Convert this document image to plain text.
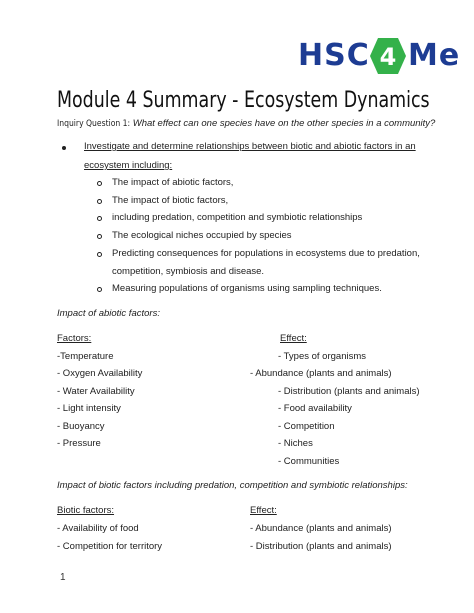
HSC 4 Me
Module 4 Summary - Ecosystem Dynamics
Inquiry Question 1: What effect can one species have on the other species in a community?
Investigate and determine relationships between biotic and abiotic factors in an
ecosystem including:
The impact of abiotic factors,
The impact of biotic factors,
including predation, competition and symbiotic relationships
The ecological niches occupied by species
Predicting consequences for populations in ecosystems due to predation,
competition, symbiosis and disease.
Measuring populations of organisms using sampling techniques.
Impact of abiotic factors:
Factors:	Effect:
-Temperature
- Oxygen Availability
- Water Availability
- Light intensity
- Buoyancy
- Pressure
- Types of organisms
- Abundance (plants and animals)
- Distribution (plants and animals)
- Food availability
- Competition
- Niches
- Communities
Impact of biotic factors including predation, competition and symbiotic relationships:
Biotic factors:	Effect:
- Availability of food
- Competition for territory
- Abundance (plants and animals)
- Distribution (plants and animals)
1
